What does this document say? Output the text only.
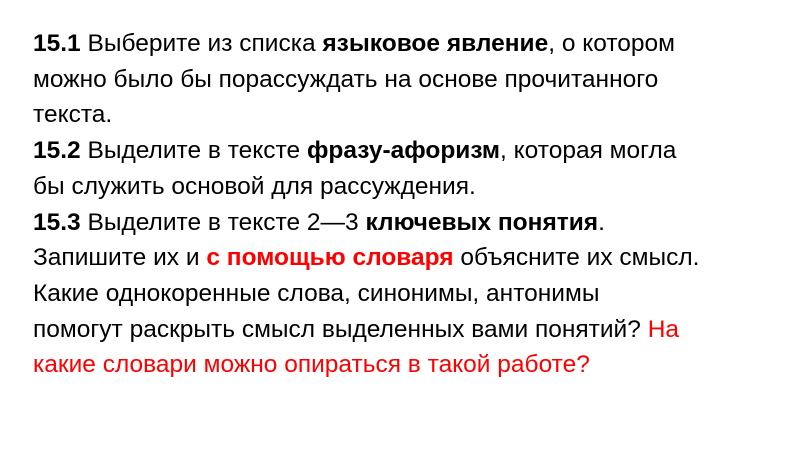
15.1 Выберите из списка языковое явление, о котором
можно было бы порассуждать на основе прочитанного
текста.
15.2 Выделите в тексте фразу-афоризм, которая могла
бы служить основой для рассуждения.
15.3 Выделите в тексте 2—3 ключевых понятия.
Запишите их и с помощью словаря объясните их смысл.
Какие однокоренные слова, синонимы, антонимы
помогут раскрыть смысл выделенных вами понятий? На
какие словари можно опираться в такой работе?
